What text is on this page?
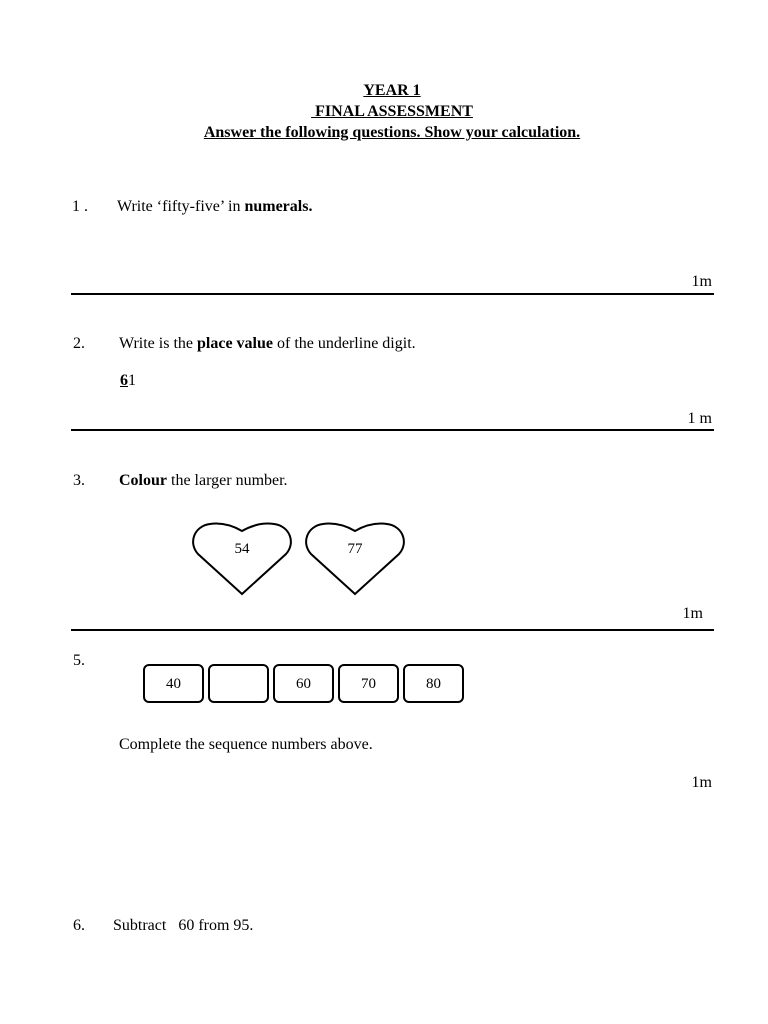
YEAR 1
FINAL ASSESSMENT
Answer the following questions. Show your calculation.
1 . Write ‘fifty-five’ in numerals.
1m
2. Write is the place value of the underline digit.
61
1 m
3. Colour the larger number.
54	77
1m
5.
40	60	70	80
Complete the sequence numbers above.
1m
6. Subtract   60 from 95.
